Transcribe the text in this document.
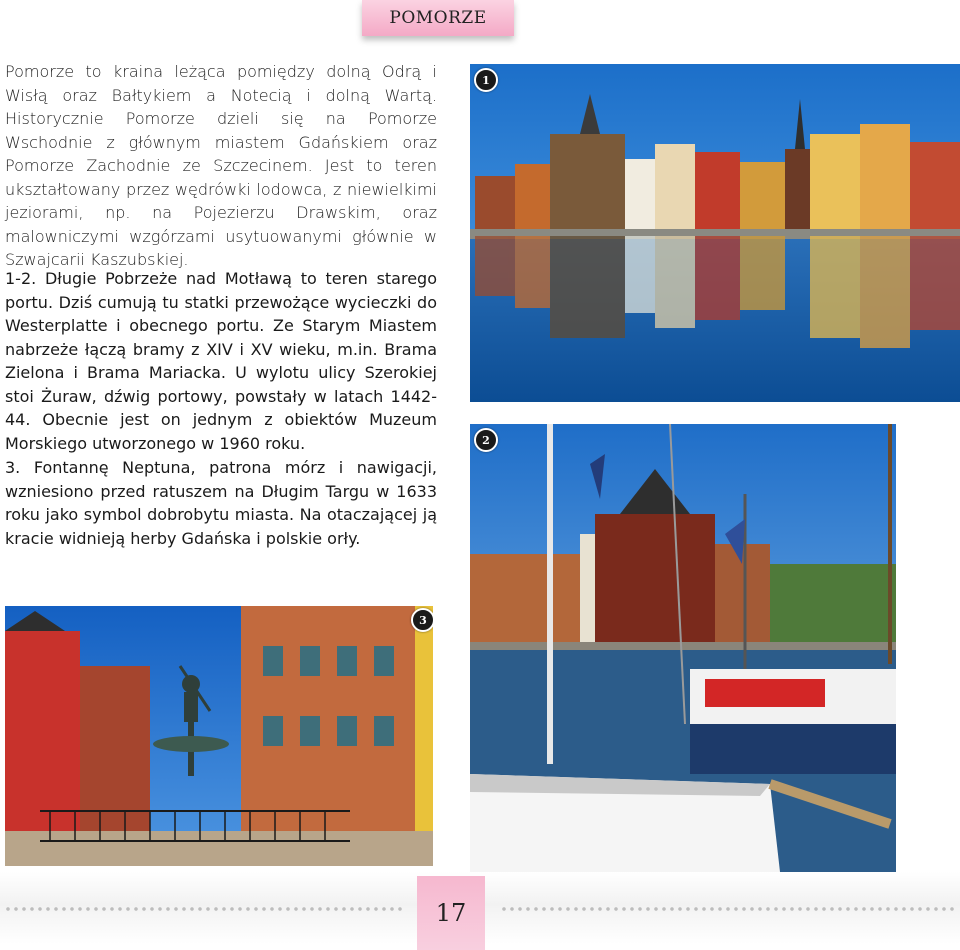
POMORZE

Pomorze to kraina leżąca pomiędzy dolną Odrą i Wisłą oraz Bałtykiem a Notecią i dolną Wartą. Historycznie Pomorze dzieli się na Pomorze Wschodnie z głównym miastem Gdańskiem oraz Pomorze Zachodnie ze Szczecinem. Jest to teren ukształtowany przez wędrówki lodowca, z niewielkimi jeziorami, np. na Pojezierzu Drawskim, oraz malowniczymi wzgórzami usytuowanymi głównie w Szwajcarii Kaszubskiej.

1-2. Długie Pobrzeże nad Motławą to teren starego portu. Dziś cumują tu statki przewożące wycieczki do Westerplatte i obecnego portu. Ze Starym Miastem nabrzeże łączą bramy z XIV i XV wieku, m.in. Brama Zielona i Brama Mariacka. U wylotu ulicy Szerokiej stoi Żuraw, dźwig portowy, powstały w latach 1442-44. Obecnie jest on jednym z obiektów Muzeum Morskiego utworzonego w 1960 roku.

3. Fontannę Neptuna, patrona mórz i nawigacji, wzniesiono przed ratuszem na Długim Targu w 1633 roku jako symbol dobrobytu miasta. Na otaczającej ją kracie widnieją herby Gdańska i polskie orły.

1
2
3
17
